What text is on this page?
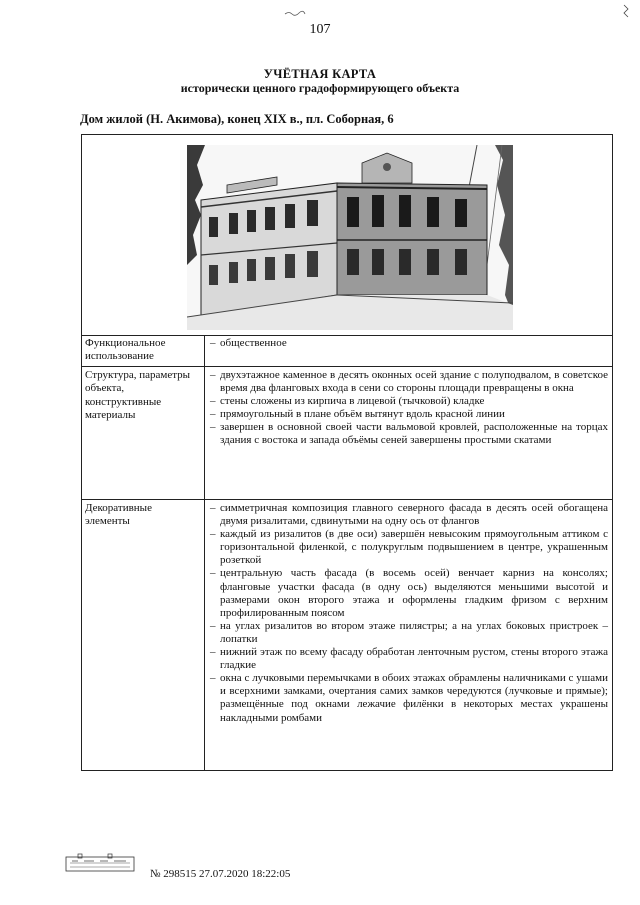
107
УЧЁТНАЯ КАРТА
исторически ценного градоформирующего объекта
Дом жилой (Н. Акимова), конец XIX в., пл. Соборная, 6
Функциональное использование

– общественное

Структура, параметры объекта, конструктивные материалы

– двухэтажное каменное в десять оконных осей здание с полуподвалом, в советское время два фланговых входа в сени со стороны площади превращены в окна

– стены сложены из кирпича в лицевой (тычковой) кладке

– прямоугольный в плане объём вытянут вдоль красной линии

– завершен в основной своей части вальмовой кровлей, расположенные на торцах здания с востока и запада объёмы сеней завершены простыми скатами

Декоративные элементы

– симметричная композиция главного северного фасада в десять осей обогащена двумя ризалитами, сдвинутыми на одну ось от флангов

– каждый из ризалитов (в две оси) завершён невысоким прямоугольным аттиком с горизонтальной филенкой, с полукруглым подвышением в центре, украшенным розеткой

– центральную часть фасада (в восемь осей) венчает карниз на консолях; фланговые участки фасада (в одну ось) выделяются меньшими высотой и размерами окон второго этажа и оформлены гладким фризом с верхним профилированным поясом

– на углах ризалитов во втором этаже пилястры; а на углах боковых пристроек – лопатки

– нижний этаж по всему фасаду обработан ленточным рустом, стены второго этажа гладкие

– окна с лучковыми перемычками в обоих этажах обрамлены наличниками с ушами и всерхними замками, очертания самих замков чередуются (лучковые и прямые); размещённые под окнами лежачие филёнки в некоторых местах украшены накладными ромбами

№ 298515 27.07.2020 18:22:05
